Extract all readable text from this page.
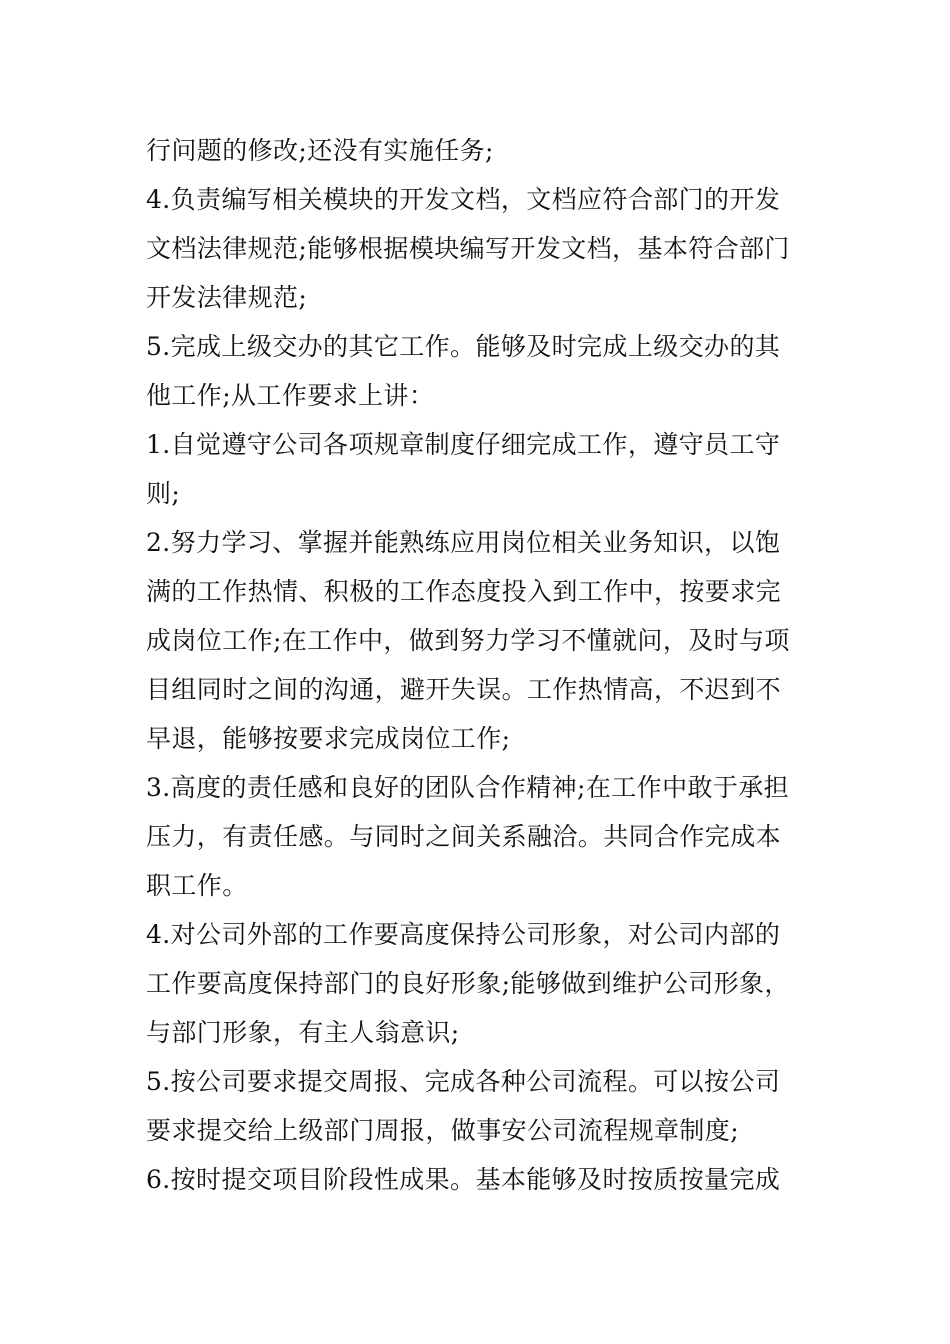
行问题的修改;还没有实施任务;
4.负责编写相关模块的开发文档，文档应符合部门的开发
文档法律规范;能够根据模块编写开发文档，基本符合部门
开发法律规范;
5.完成上级交办的其它工作。能够及时完成上级交办的其
他工作;从工作要求上讲：
1.自觉遵守公司各项规章制度仔细完成工作，遵守员工守
则;
2.努力学习、掌握并能熟练应用岗位相关业务知识，以饱
满的工作热情、积极的工作态度投入到工作中，按要求完
成岗位工作;在工作中，做到努力学习不懂就问，及时与项
目组同时之间的沟通，避开失误。工作热情高，不迟到不
早退，能够按要求完成岗位工作;
3.高度的责任感和良好的团队合作精神;在工作中敢于承担
压力，有责任感。与同时之间关系融洽。共同合作完成本
职工作。
4.对公司外部的工作要高度保持公司形象，对公司内部的
工作要高度保持部门的良好形象;能够做到维护公司形象，
与部门形象，有主人翁意识;
5.按公司要求提交周报、完成各种公司流程。可以按公司
要求提交给上级部门周报，做事安公司流程规章制度;
6.按时提交项目阶段性成果。基本能够及时按质按量完成
